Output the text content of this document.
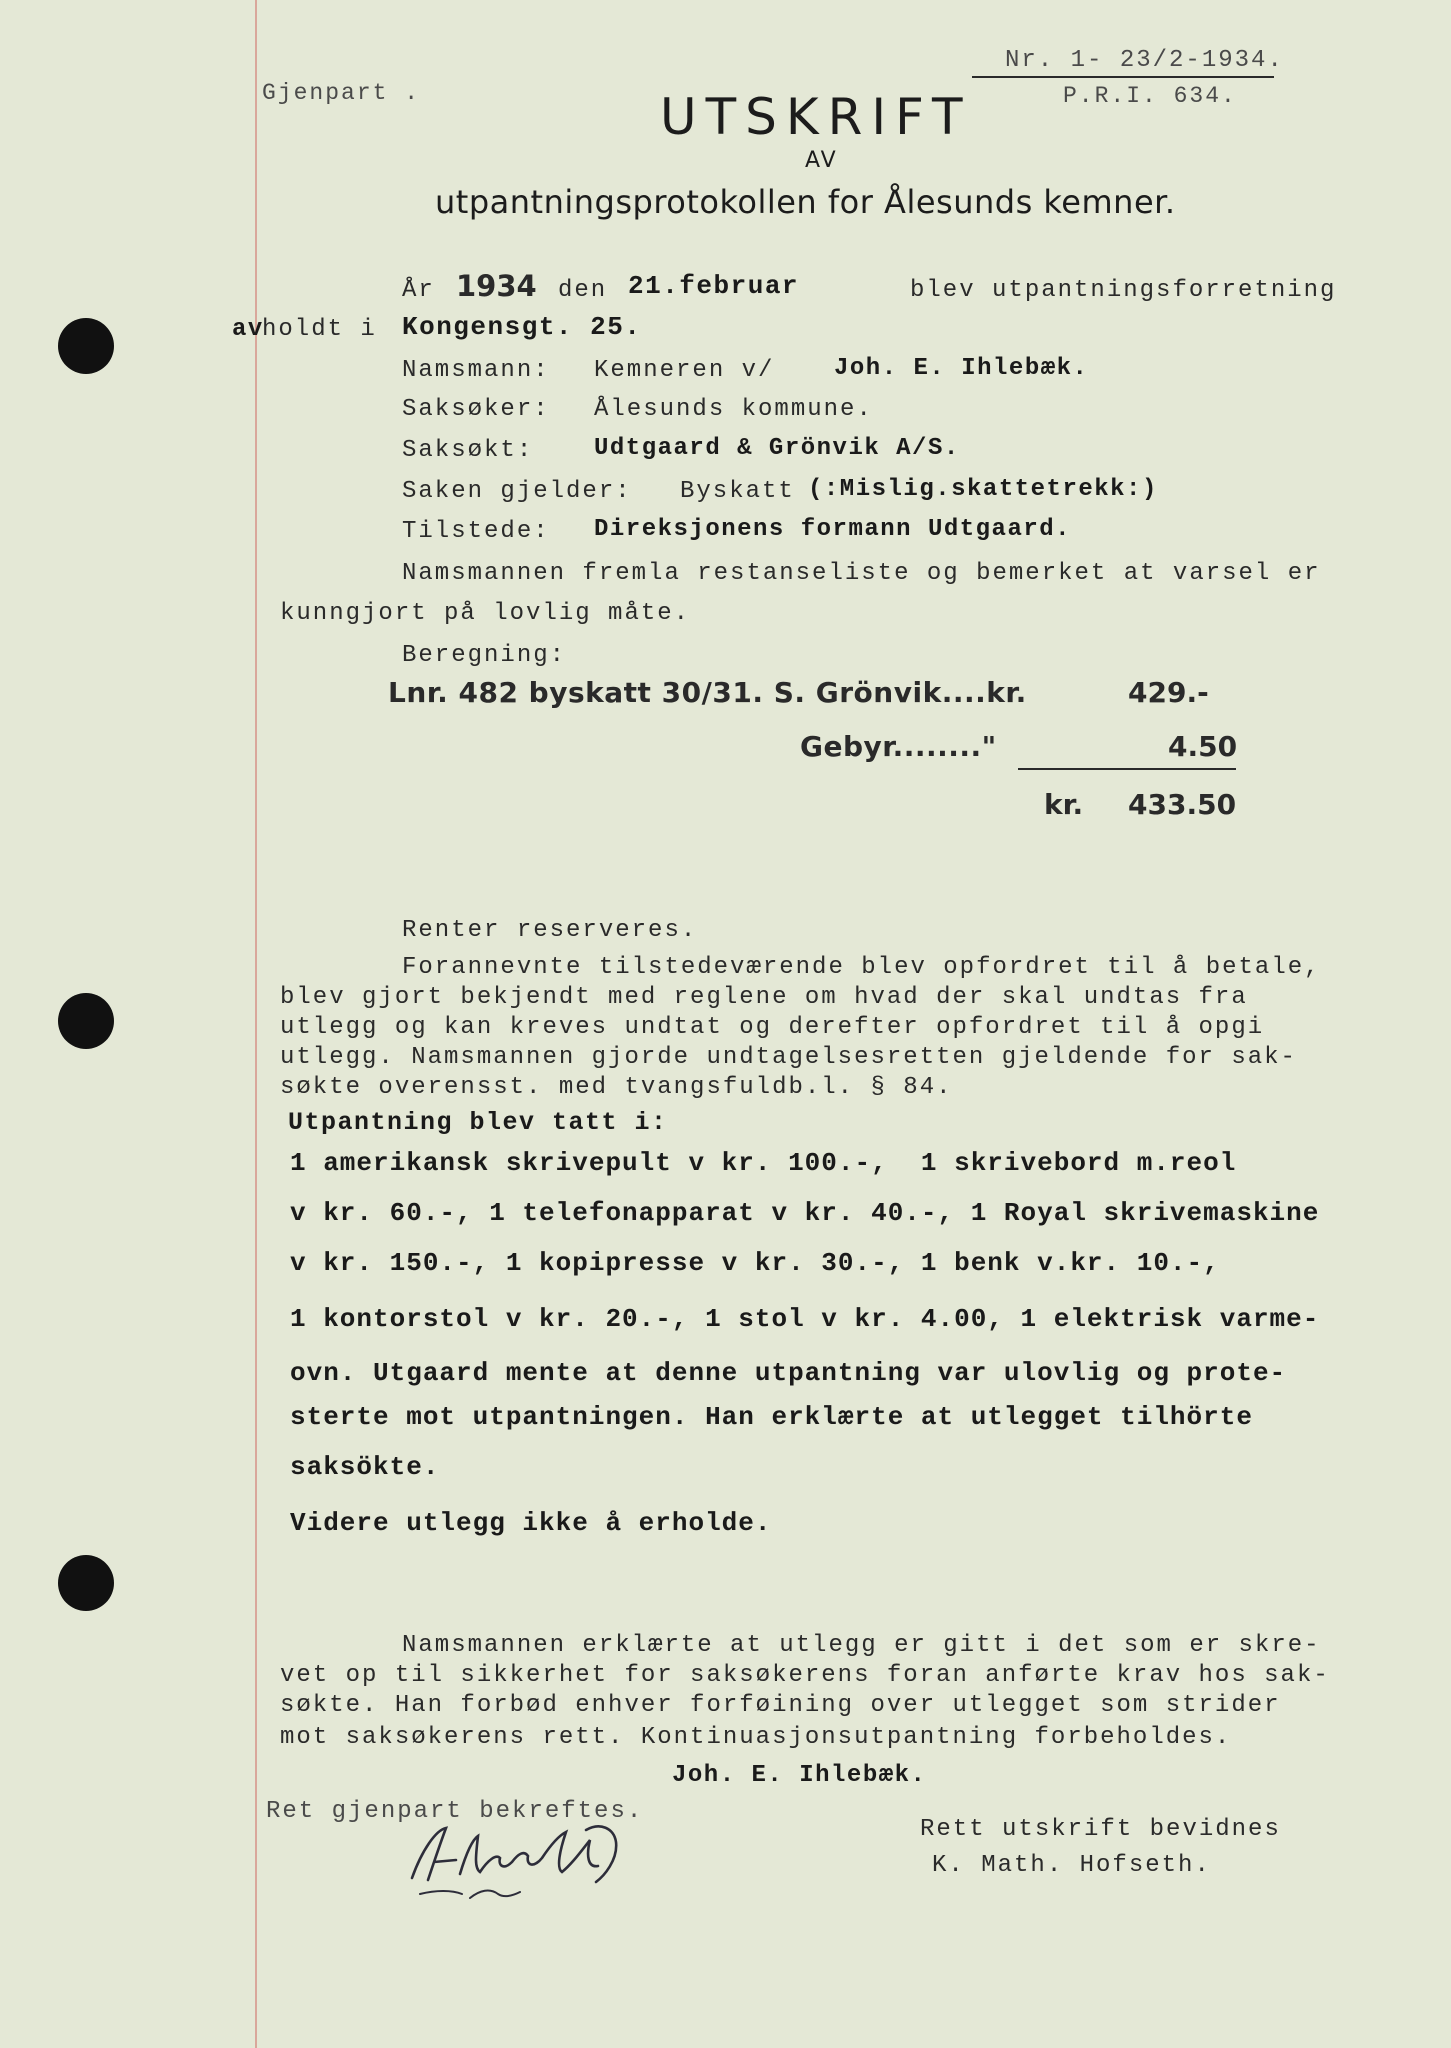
Gjenpart .
Nr. 1- 23/2-1934.
P.R.I. 634.
UTSKRIFT
AV
utpantningsprotokollen for Ålesunds kemner.
År 1934 den 21.februar	blev utpantningsforretning
av
holdt i Kongensgt. 25.
Namsmann: Kemneren v/ Joh. E. Ihlebæk.
Saksøker: Ålesunds kommune.
Saksøkt:	Udtgaard & Grönvik A/S.
Saken gjelder: Byskatt (:Mislig.skattetrekk:)
Tilstede: Direksjonens formann Udtgaard.
Namsmannen fremla restanseliste og bemerket at varsel er
kunngjort på lovlig måte.
Beregning:
Lnr. 482 byskatt 30/31. S. Grönvik....kr.	429.-
Gebyr........"	4.50
kr. 433.50
Renter reserveres.
Forannevnte tilstedeværende blev opfordret til å betale,
blev gjort bekjendt med reglene om hvad der skal undtas fra
utlegg og kan kreves undtat og derefter opfordret til å opgi
utlegg. Namsmannen gjorde undtagelsesretten gjeldende for sak-
søkte overensst. med tvangsfuldb.l. § 84.
Utpantning blev tatt i:
1 amerikansk skrivepult v kr. 100.-,  1 skrivebord m.reol
v kr. 60.-, 1 telefonapparat v kr. 40.-, 1 Royal skrivemaskine
v kr. 150.-, 1 kopipresse v kr. 30.-, 1 benk v.kr. 10.-,
1 kontorstol v kr. 20.-, 1 stol v kr. 4.00, 1 elektrisk varme-
ovn. Utgaard mente at denne utpantning var ulovlig og prote-
sterte mot utpantningen. Han erklærte at utlegget tilhörte
saksökte.
Videre utlegg ikke å erholde.
Namsmannen erklærte at utlegg er gitt i det som er skre-
vet op til sikkerhet for saksøkerens foran anførte krav hos sak-
søkte. Han forbød enhver forføining over utlegget som strider
mot saksøkerens rett. Kontinuasjonsutpantning forbeholdes.
Joh. E. Ihlebæk.
Ret gjenpart bekreftes.
Rett utskrift bevidnes
K. Math. Hofseth.
